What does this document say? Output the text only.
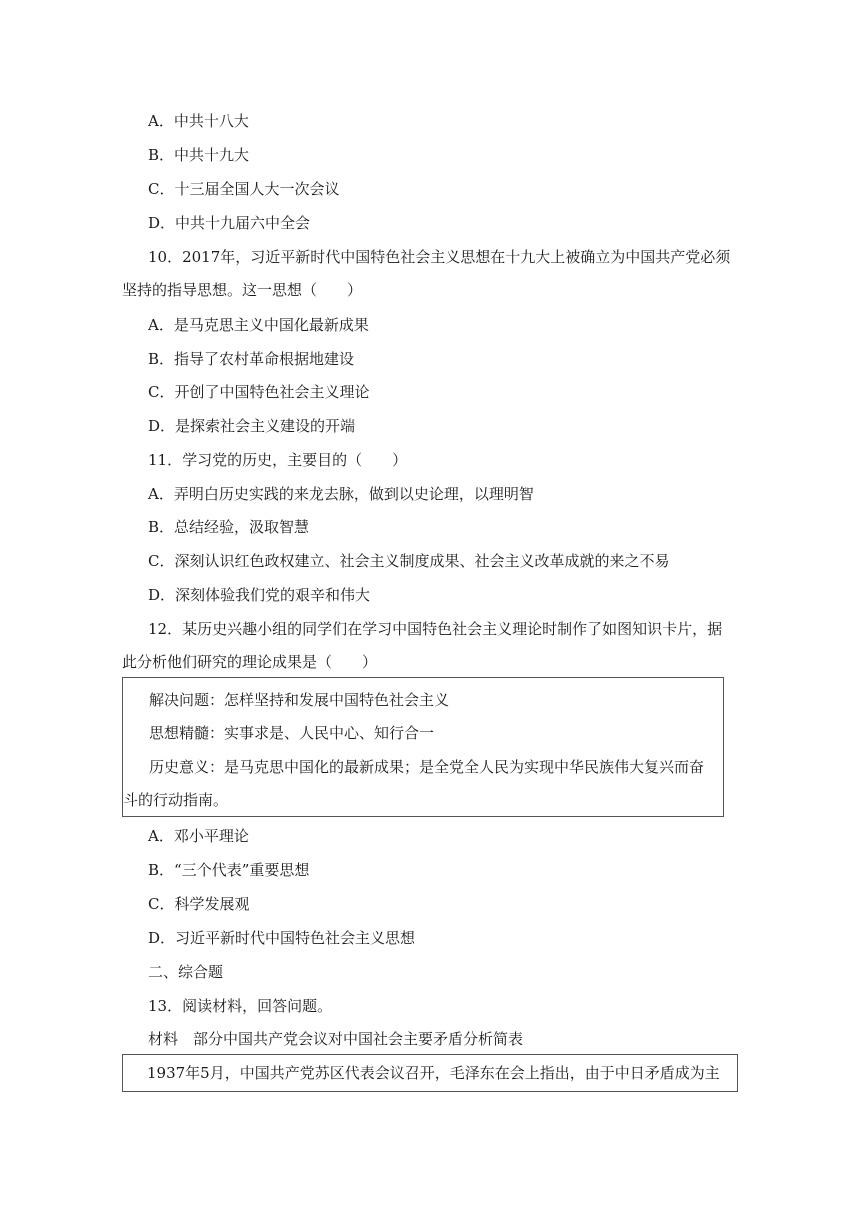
A．中共十八大
B．中共十九大
C．十三届全国人大一次会议
D．中共十九届六中全会
10．2017年，习近平新时代中国特色社会主义思想在十九大上被确立为中国共产党必须
坚持的指导思想。这一思想（　　）
A．是马克思主义中国化最新成果
B．指导了农村革命根据地建设
C．开创了中国特色社会主义理论
D．是探索社会主义建设的开端
11．学习党的历史，主要目的（　　）
A．弄明白历史实践的来龙去脉，做到以史论理，以理明智
B．总结经验，汲取智慧
C．深刻认识红色政权建立、社会主义制度成果、社会主义改革成就的来之不易
D．深刻体验我们党的艰辛和伟大
12．某历史兴趣小组的同学们在学习中国特色社会主义理论时制作了如图知识卡片，据
此分析他们研究的理论成果是（　　）
解决问题：怎样坚持和发展中国特色社会主义
思想精髓：实事求是、人民中心、知行合一
历史意义：是马克思中国化的最新成果；是全党全人民为实现中华民族伟大复兴而奋
斗的行动指南。
A．邓小平理论
B．“三个代表”重要思想
C．科学发展观
D．习近平新时代中国特色社会主义思想
二、综合题
13．阅读材料，回答问题。
材料　部分中国共产党会议对中国社会主要矛盾分析简表
1937年5月，中国共产党苏区代表会议召开，毛泽东在会上指出，由于中日矛盾成为主
